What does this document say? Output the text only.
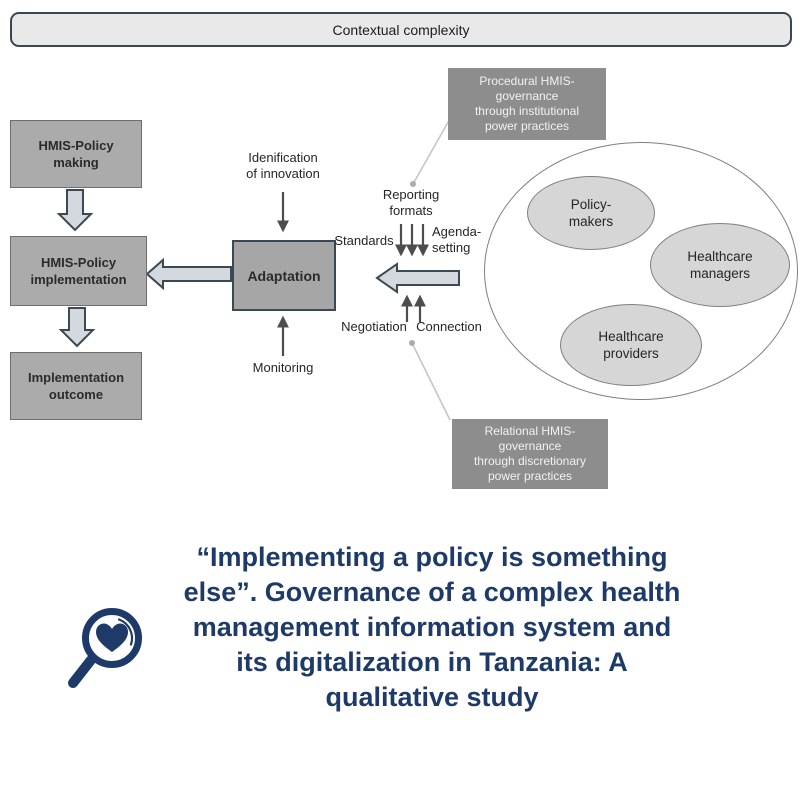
Contextual complexity
HMIS-Policy
making
HMIS-Policy
implementation
Implementation
outcome
Adaptation
Idenification
of innovation
Monitoring
Reporting
formats
Standards
Agenda-
setting
Negotiation Connection
Procedural HMIS-
governance
through institutional
power practices
Relational HMIS-
governance
through discretionary
power practices
Policy-
makers
Healthcare
managers
Healthcare
providers
“Implementing a policy is something
else”. Governance of a complex health
management information system and
its digitalization in Tanzania: A
qualitative study
